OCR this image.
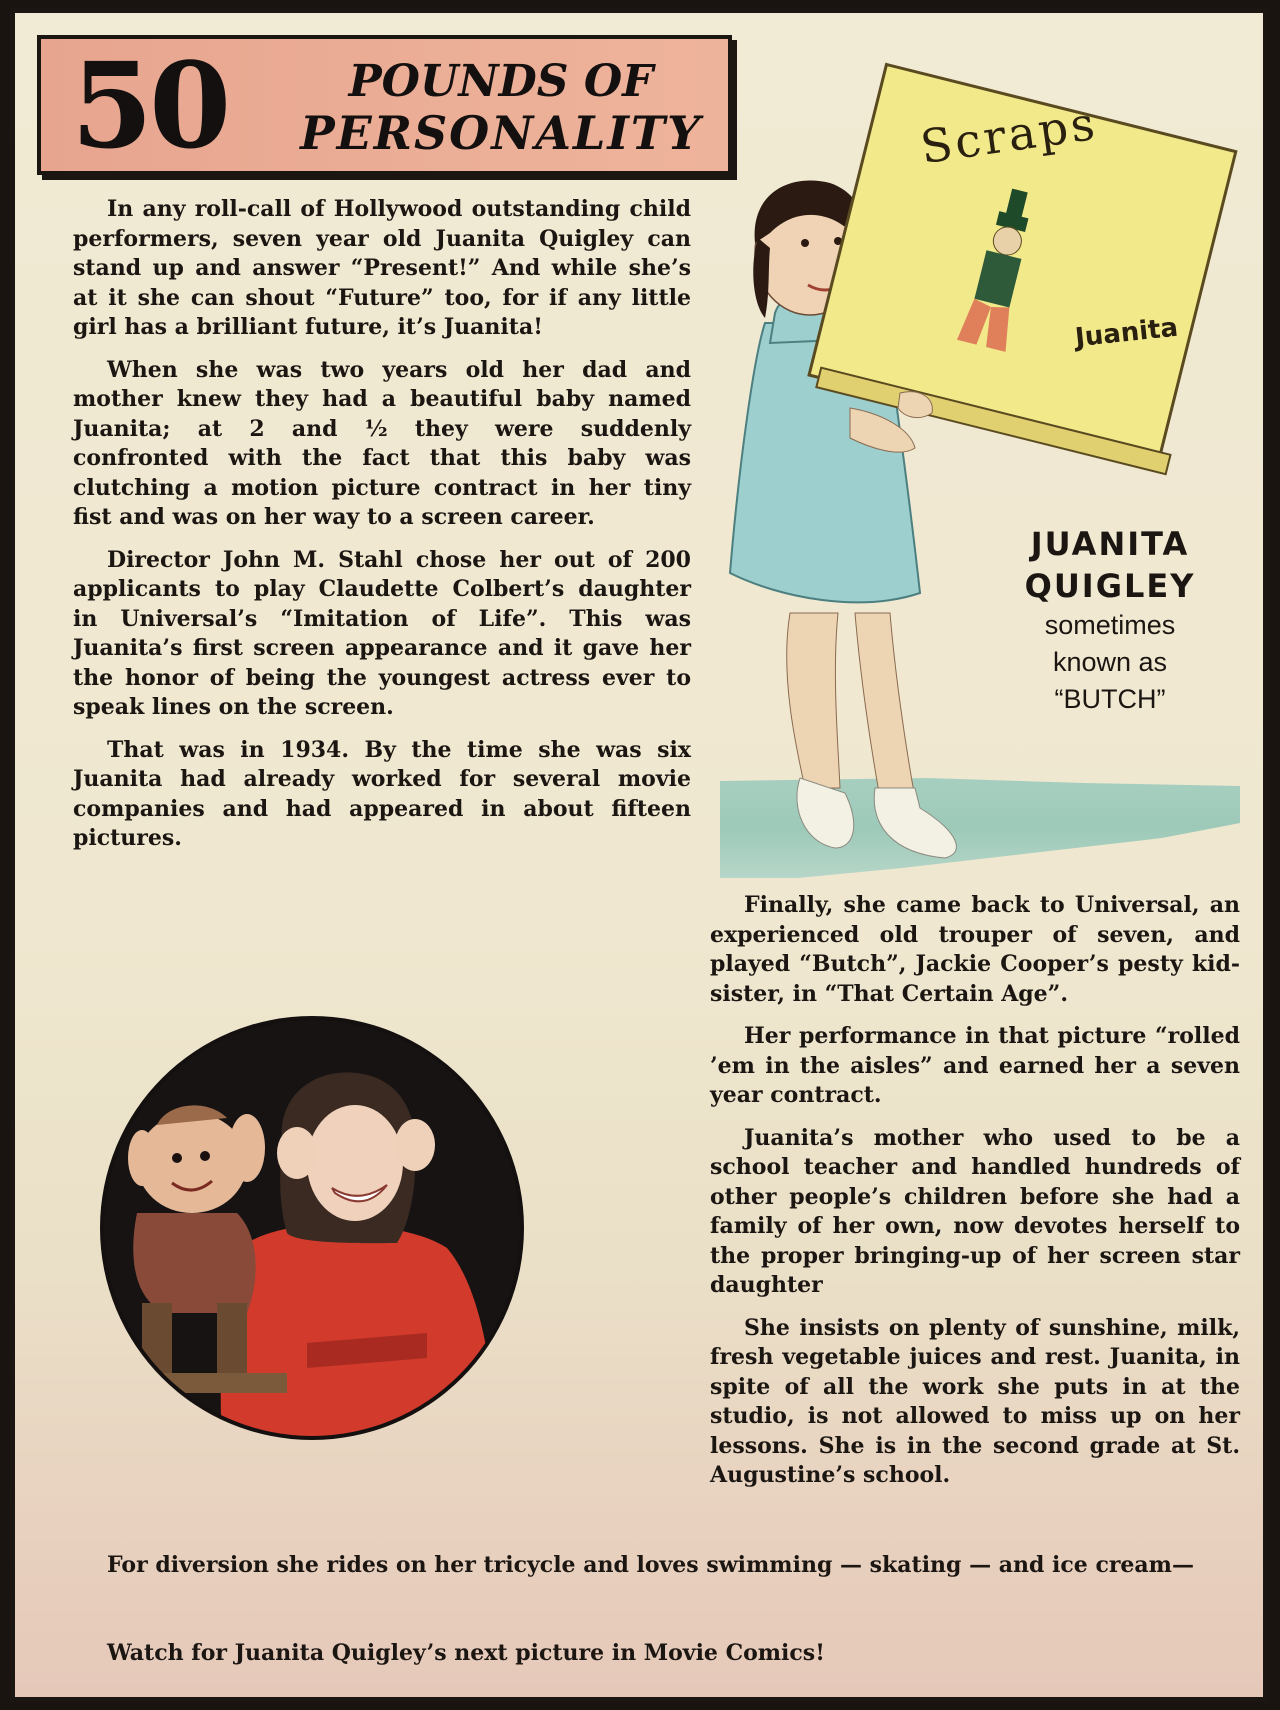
50	POUNDS OF
PERSONALITY

In any roll-call of Hollywood outstanding child performers, seven year old Juanita Quigley can stand up and answer “Present!” And while she’s at it she can shout “Future” too, for if any little girl has a brilliant future, it’s Juanita!

When she was two years old her dad and mother knew they had a beautiful baby named Juanita; at 2 and ½ they were suddenly confronted with the fact that this baby was clutching a motion picture contract in her tiny fist and was on her way to a screen career.

Director John M. Stahl chose her out of 200 applicants to play Claudette Colbert’s daughter in Universal’s “Imitation of Life”. This was Juanita’s first screen appearance and it gave her the honor of being the youngest actress ever to speak lines on the screen.

That was in 1934. By the time she was six Juanita had already worked for several movie companies and had appeared in about fifteen pictures.

Scraps
Juanita
JUANITA
QUIGLEY
sometimes
known as
“BUTCH”

Finally, she came back to Universal, an experienced old trouper of seven, and played “Butch”, Jackie Cooper’s pesty kid-sister, in “That Certain Age”.

Her performance in that picture “rolled ’em in the aisles” and earned her a seven year contract.

Juanita’s mother who used to be a school teacher and handled hundreds of other people’s children before she had a family of her own, now devotes herself to the proper bringing-up of her screen star daughter

She insists on plenty of sunshine, milk, fresh vegetable juices and rest. Juanita, in spite of all the work she puts in at the studio, is not allowed to miss up on her lessons. She is in the second grade at St. Augustine’s school.

For diversion she rides on her tricycle and loves swimming — skating — and ice cream—

Watch for Juanita Quigley’s next picture in Movie Comics!
